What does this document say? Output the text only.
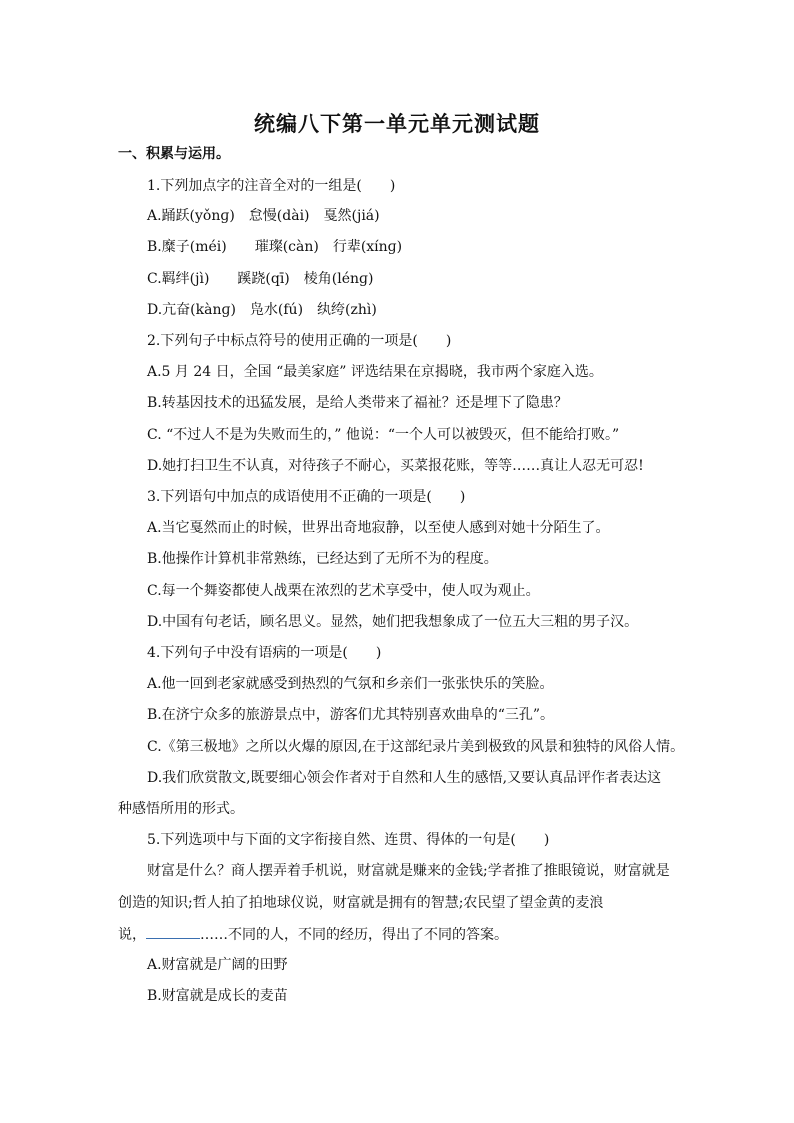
统编八下第一单元单元测试题

一、积累与运用。

1.下列加点字的注音全对的一组是(　　)

A.踊跃(yǒnɡ)　怠慢(dài)　戛然(jiá)

B.糜子(méi)　　璀璨(càn)　行辈(xínɡ)

C.羁绊(jì)　　蹊跷(qī)　棱角(lénɡ)

D.亢奋(kànɡ)　凫水(fú)　纨绔(zhì)

2.下列句子中标点符号的使用正确的一项是(　　)

A.5 月 24 日，全国 “最美家庭” 评选结果在京揭晓，我市两个家庭入选。

B.转基因技术的迅猛发展，是给人类带来了福祉？还是埋下了隐患？

C. “不过人不是为失败而生的，” 他说：“一个人可以被毁灭，但不能给打败。”

D.她打扫卫生不认真，对待孩子不耐心，买菜报花账，等等……真让人忍无可忍!

3.下列语句中加点的成语使用不正确的一项是(　　)

A.当它戛然而止的时候，世界出奇地寂静，以至使人感到对她十分陌生了。

B.他操作计算机非常熟练，已经达到了无所不为的程度。

C.每一个舞姿都使人战栗在浓烈的艺术享受中，使人叹为观止。

D.中国有句老话，顾名思义。显然，她们把我想象成了一位五大三粗的男子汉。

4.下列句子中没有语病的一项是(　　)

A.他一回到老家就感受到热烈的气氛和乡亲们一张张快乐的笑脸。

B.在济宁众多的旅游景点中，游客们尤其特别喜欢曲阜的“三孔”。

C.《第三极地》之所以火爆的原因,在于这部纪录片美到极致的风景和独特的风俗人情。

D.我们欣赏散文,既要细心领会作者对于自然和人生的感悟,又要认真品评作者表达这

种感悟所用的形式。

5.下列选项中与下面的文字衔接自然、连贯、得体的一句是(　　)

财富是什么？商人摆弄着手机说，财富就是赚来的金钱;学者推了推眼镜说，财富就是

创造的知识;哲人拍了拍地球仪说，财富就是拥有的智慧;农民望了望金黄的麦浪

说，	……不同的人，不同的经历，得出了不同的答案。

A.财富就是广阔的田野

B.财富就是成长的麦苗
